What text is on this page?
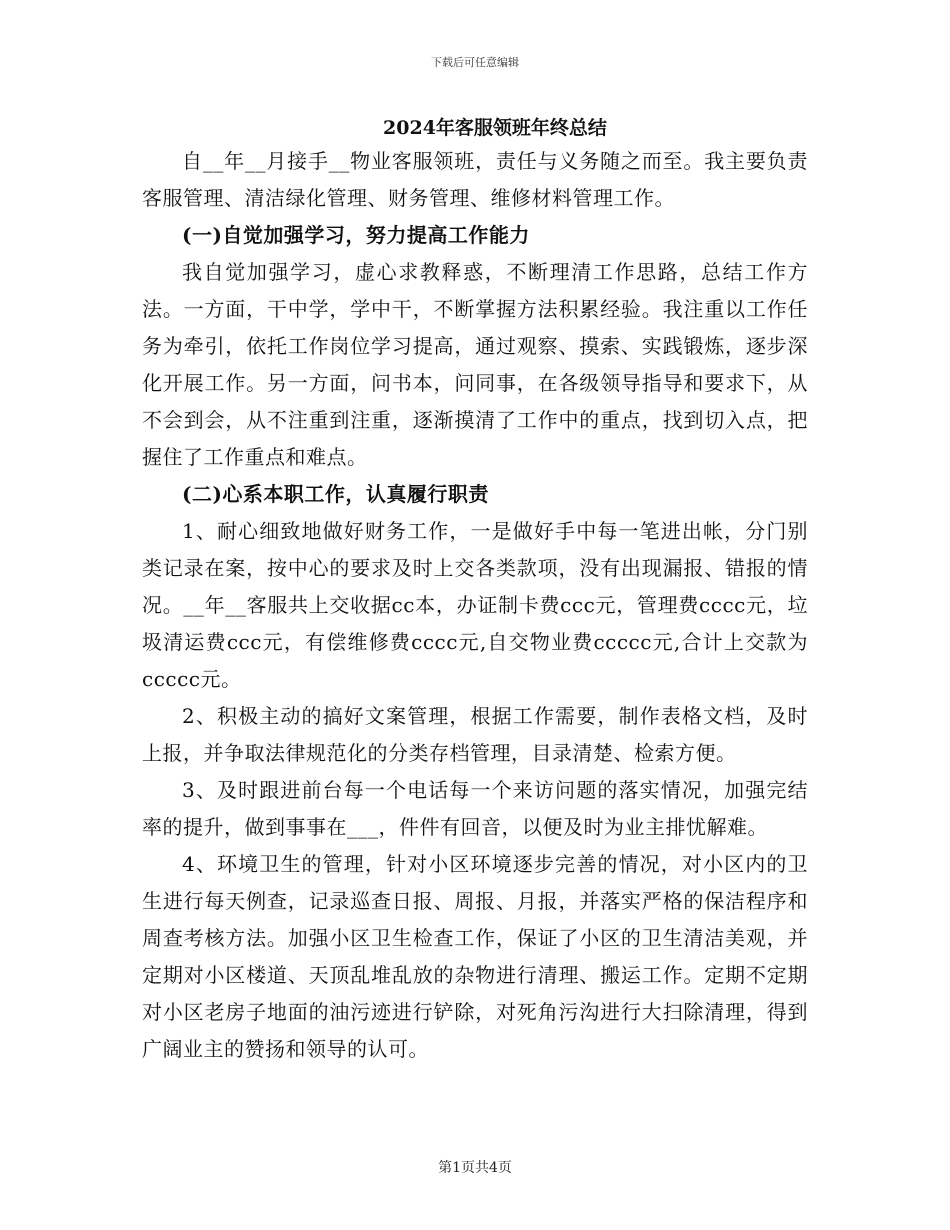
下载后可任意编辑
2024年客服领班年终总结

自__年__月接手__物业客服领班，责任与义务随之而至。我主要负责客服管理、清洁绿化管理、财务管理、维修材料管理工作。

(一)自觉加强学习，努力提高工作能力

我自觉加强学习，虚心求教释惑，不断理清工作思路，总结工作方法。一方面，干中学，学中干，不断掌握方法积累经验。我注重以工作任务为牵引，依托工作岗位学习提高，通过观察、摸索、实践锻炼，逐步深化开展工作。另一方面，问书本，问同事，在各级领导指导和要求下，从不会到会，从不注重到注重，逐渐摸清了工作中的重点，找到切入点，把握住了工作重点和难点。

(二)心系本职工作，认真履行职责

1、耐心细致地做好财务工作，一是做好手中每一笔进出帐，分门别类记录在案，按中心的要求及时上交各类款项，没有出现漏报、错报的情况。__年__客服共上交收据cc本，办证制卡费ccc元，管理费cccc元，垃圾清运费ccc元，有偿维修费cccc元,自交物业费ccccc元,合计上交款为ccccc元。

2、积极主动的搞好文案管理，根据工作需要，制作表格文档，及时上报，并争取法律规范化的分类存档管理，目录清楚、检索方便。

3、及时跟进前台每一个电话每一个来访问题的落实情况，加强完结率的提升，做到事事在___，件件有回音，以便及时为业主排忧解难。

4、环境卫生的管理，针对小区环境逐步完善的情况，对小区内的卫生进行每天例查，记录巡查日报、周报、月报，并落实严格的保洁程序和周查考核方法。加强小区卫生检查工作，保证了小区的卫生清洁美观，并定期对小区楼道、天顶乱堆乱放的杂物进行清理、搬运工作。定期不定期对小区老房子地面的油污迹进行铲除，对死角污沟进行大扫除清理，得到广阔业主的赞扬和领导的认可。

第1页共4页
